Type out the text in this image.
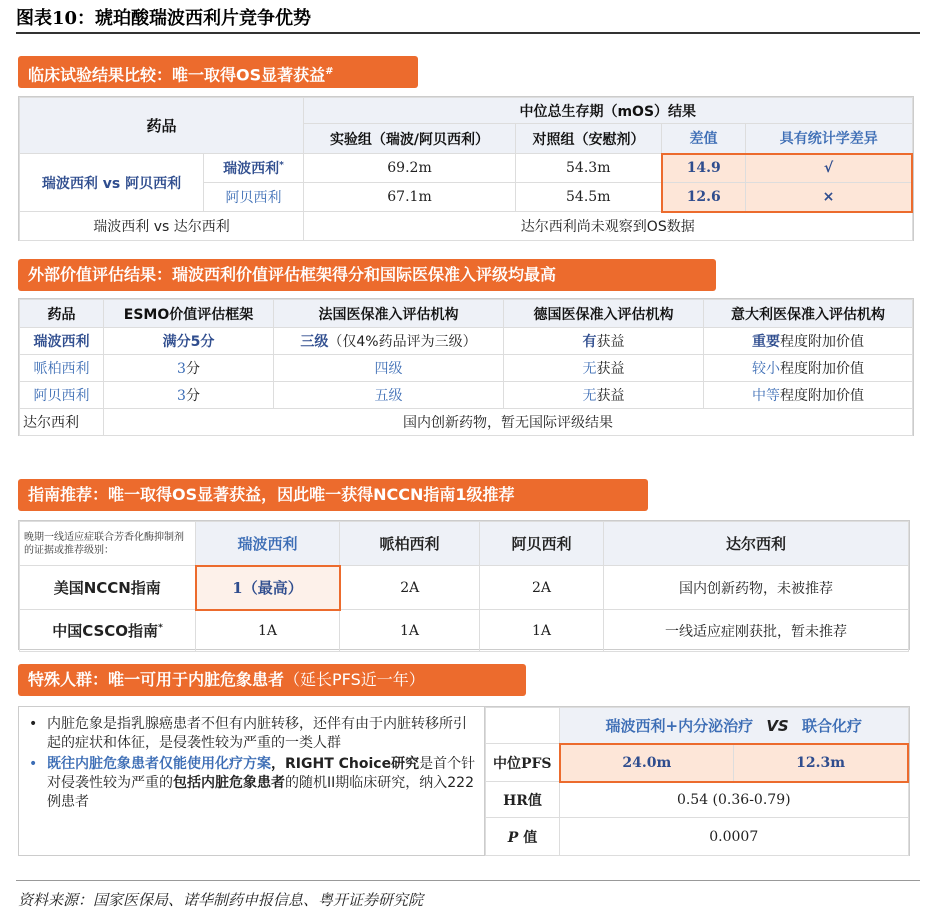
图表10：琥珀酸瑞波西利片竞争优势
临床试验结果比较：唯一取得OS显著获益#
药品		中位总生存期（mOS）结果			
		实验组（瑞波/阿贝西利）	对照组（安慰剂）	差值	具有统计学差异
瑞波西利 vs 阿贝西利	瑞波西利*	69.2m	54.3m	14.9	√
	阿贝西利	67.1m	54.5m	12.6	×
瑞波西利 vs 达尔西利		达尔西利尚未观察到OS数据			
外部价值评估结果：瑞波西利价值评估框架得分和国际医保准入评级均最高
药品	ESMO价值评估框架	法国医保准入评估机构	德国医保准入评估机构	意大利医保准入评估机构
瑞波西利	满分5分	三级（仅4%药品评为三级）	有获益	重要程度附加价值
哌柏西利	3分	四级	无获益	较小程度附加价值
阿贝西利	3分	五级	无获益	中等程度附加价值
达尔西利	国内创新药物，暂无国际评级结果			
指南推荐：唯一取得OS显著获益，因此唯一获得NCCN指南1级推荐
晚期一线适应症联合芳香化酶抑制剂的证据或推荐级别：	瑞波西利	哌柏西利	阿贝西利	达尔西利
美国NCCN指南	1（最高）	2A	2A	国内创新药物，未被推荐
中国CSCO指南*	1A	1A	1A	一线适应症刚获批，暂未推荐
特殊人群：唯一可用于内脏危象患者（延长PFS近一年）
• 内脏危象是指乳腺癌患者不但有内脏转移，还伴有由于内脏转移所引起的症状和体征，是侵袭性较为严重的一类人群
• 既往内脏危象患者仅能使用化疗方案，RIGHT Choice研究是首个针对侵袭性较为严重的包括内脏危象患者的随机II期临床研究，纳入222例患者
	瑞波西利+内分泌治疗 VS 联合化疗	
中位PFS	24.0m	12.3m
HR值	0.54 (0.36-0.79)	
P 值	0.0007	
资料来源：国家医保局、诺华制药申报信息、粤开证券研究院
